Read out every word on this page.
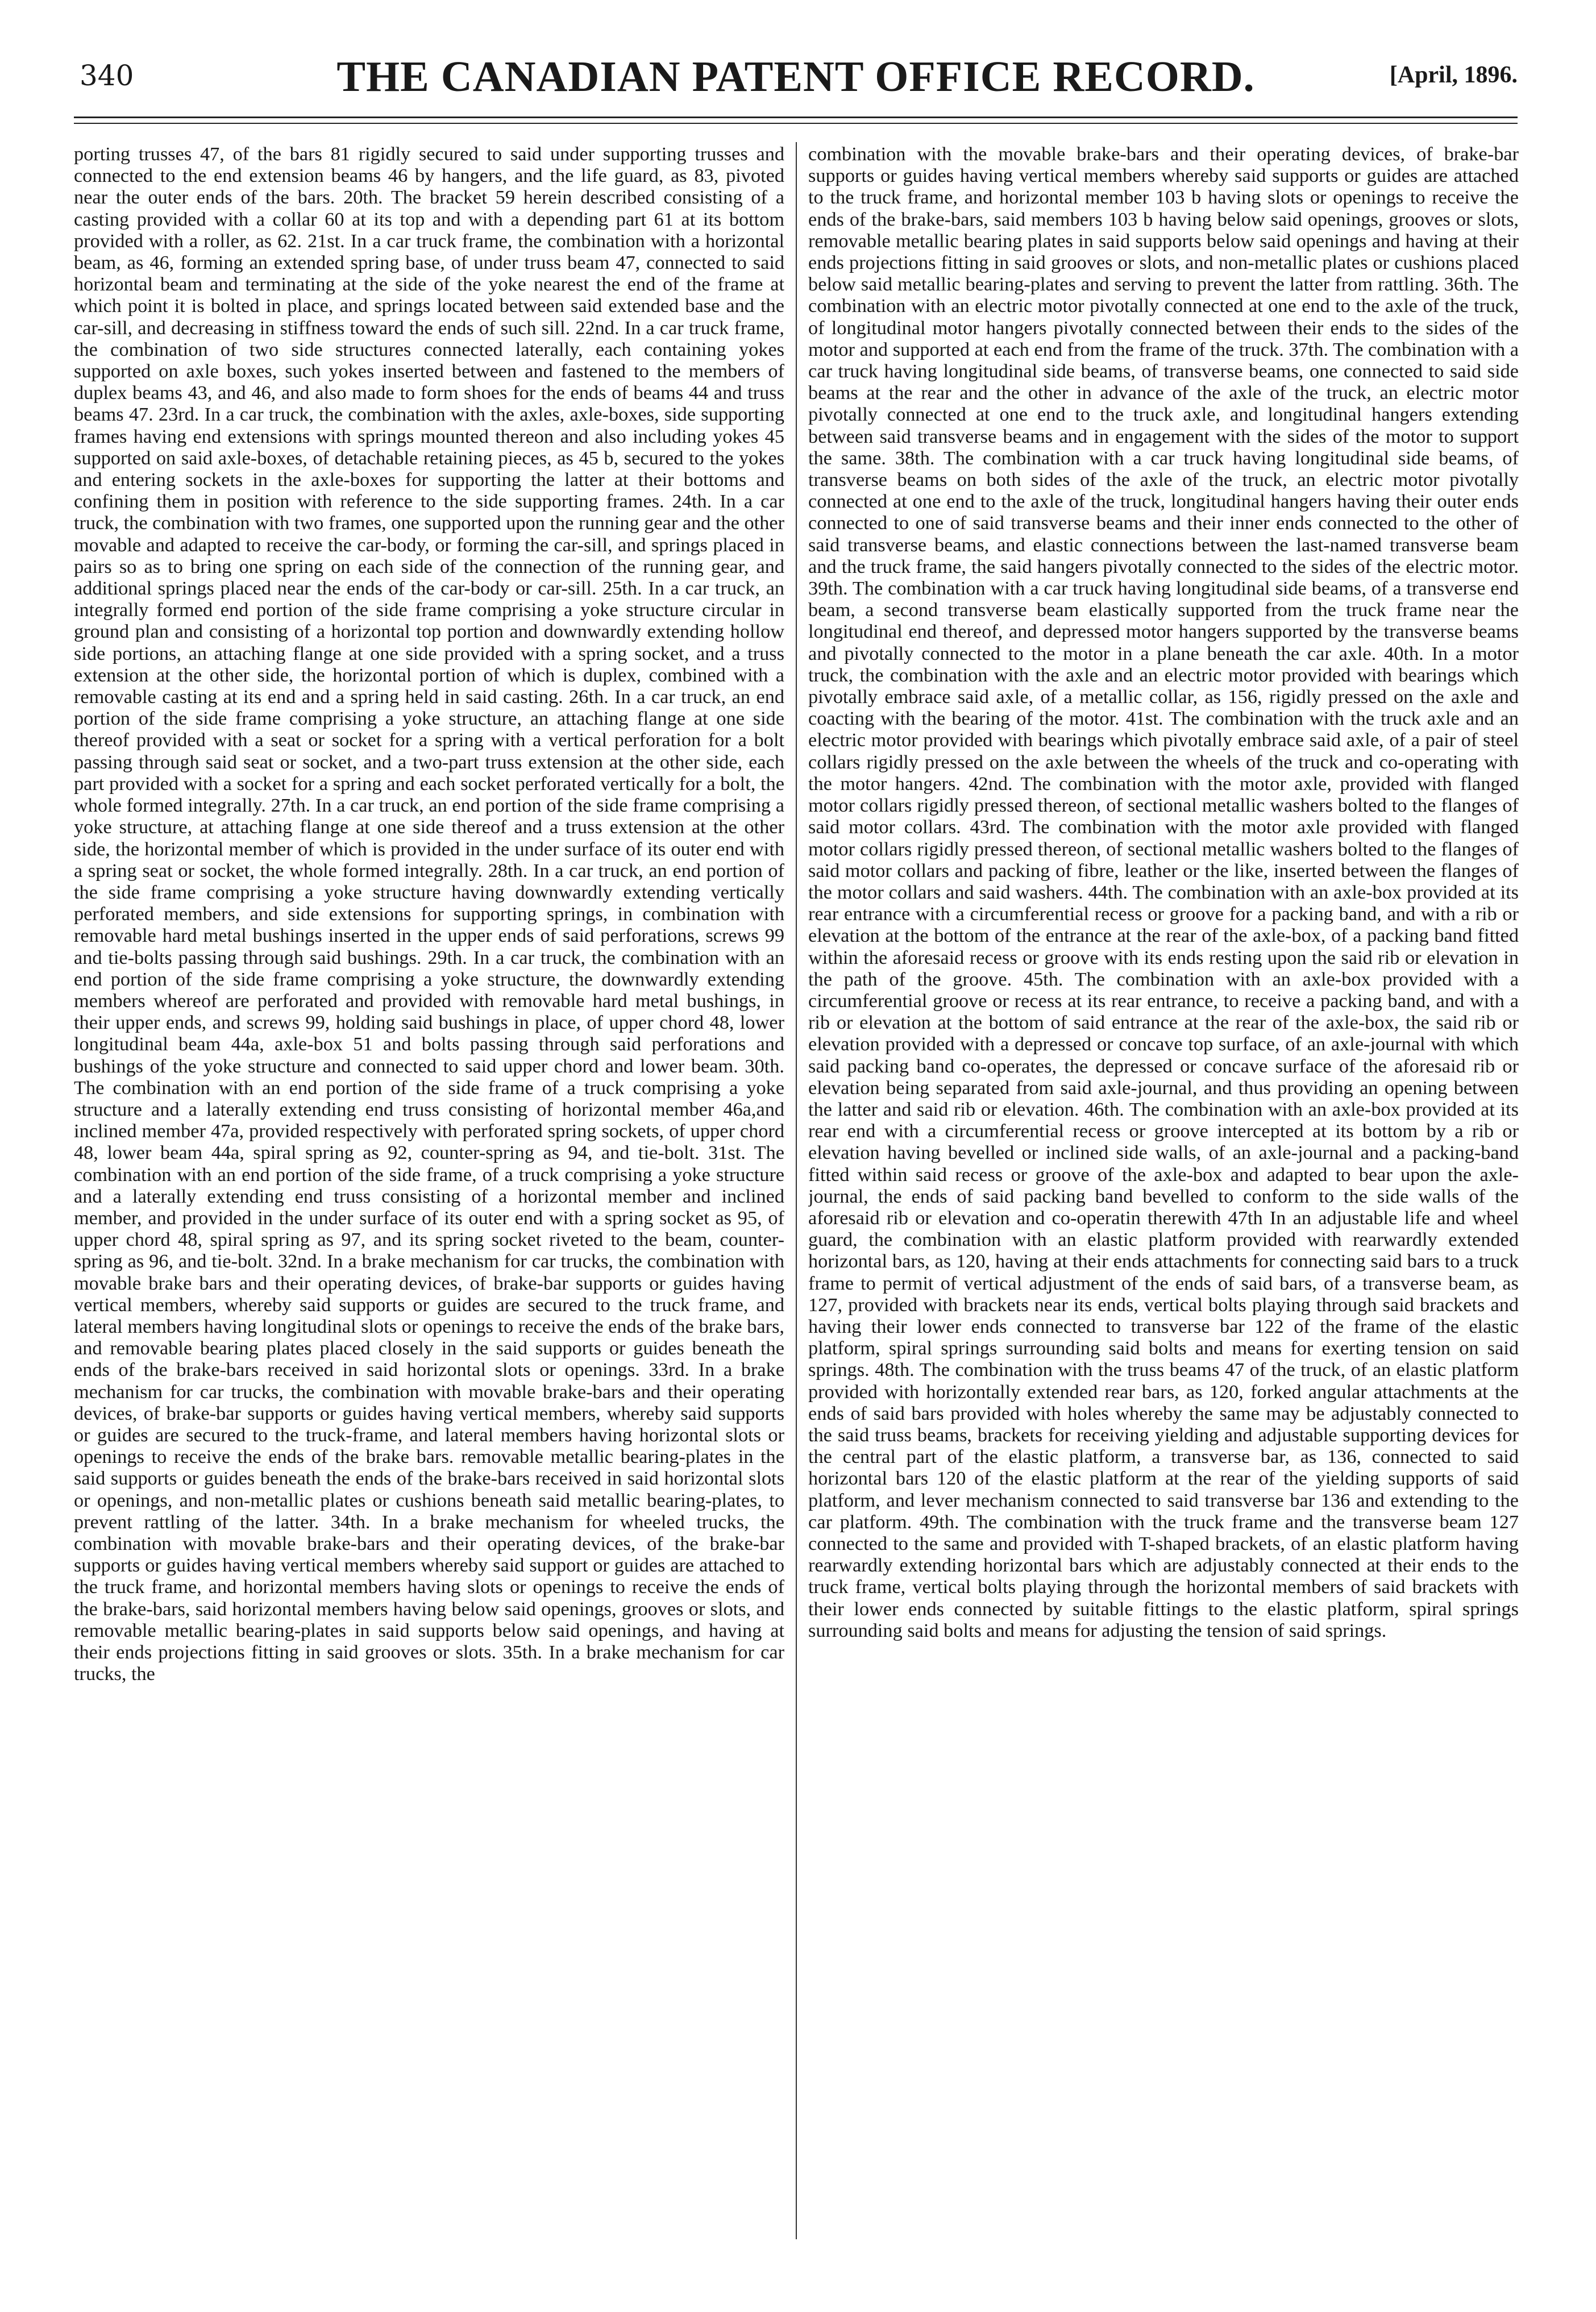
340	THE CANADIAN PATENT OFFICE RECORD.	[April, 1896.
porting trusses 47, of the bars 81 rigidly secured to said under supporting trusses and connected to the end extension beams 46 by hangers, and the life guard, as 83, pivoted near the outer ends of the bars. 20th. The bracket 59 herein described consisting of a casting provided with a collar 60 at its top and with a depending part 61 at its bottom provided with a roller, as 62. 21st. In a car truck frame, the combination with a horizontal beam, as 46, forming an extended spring base, of under truss beam 47, connected to said horizontal beam and terminating at the side of the yoke nearest the end of the frame at which point it is bolted in place, and springs located between said extended base and the car-sill, and decreasing in stiffness toward the ends of such sill. 22nd. In a car truck frame, the combination of two side structures connected laterally, each containing yokes supported on axle boxes, such yokes inserted between and fastened to the members of duplex beams 43, and 46, and also made to form shoes for the ends of beams 44 and truss beams 47. 23rd. In a car truck, the combination with the axles, axle-boxes, side supporting frames having end extensions with springs mounted thereon and also including yokes 45 supported on said axle-boxes, of detachable retaining pieces, as 45 b, secured to the yokes and entering sockets in the axle-boxes for supporting the latter at their bottoms and confining them in position with reference to the side supporting frames. 24th. In a car truck, the combination with two frames, one supported upon the running gear and the other movable and adapted to receive the car-body, or forming the car-sill, and springs placed in pairs so as to bring one spring on each side of the connection of the running gear, and additional springs placed near the ends of the car-body or car-sill. 25th. In a car truck, an integrally formed end portion of the side frame comprising a yoke structure circular in ground plan and consisting of a horizontal top portion and downwardly extending hollow side portions, an attaching flange at one side provided with a spring socket, and a truss extension at the other side, the horizontal portion of which is duplex, combined with a removable casting at its end and a spring held in said casting. 26th. In a car truck, an end portion of the side frame comprising a yoke structure, an attaching flange at one side thereof provided with a seat or socket for a spring with a vertical perforation for a bolt passing through said seat or socket, and a two-part truss extension at the other side, each part provided with a socket for a spring and each socket perforated vertically for a bolt, the whole formed integrally. 27th. In a car truck, an end portion of the side frame comprising a yoke structure, at attaching flange at one side thereof and a truss extension at the other side, the horizontal member of which is provided in the under surface of its outer end with a spring seat or socket, the whole formed integrally. 28th. In a car truck, an end portion of the side frame comprising a yoke structure having downwardly extending vertically perforated members, and side extensions for supporting springs, in combination with removable hard metal bushings inserted in the upper ends of said perforations, screws 99 and tie-bolts passing through said bushings. 29th. In a car truck, the combination with an end portion of the side frame comprising a yoke structure, the downwardly extending members whereof are perforated and provided with removable hard metal bushings, in their upper ends, and screws 99, holding said bushings in place, of upper chord 48, lower longitudinal beam 44a, axle-box 51 and bolts passing through said perforations and bushings of the yoke structure and connected to said upper chord and lower beam. 30th. The combination with an end portion of the side frame of a truck comprising a yoke structure and a laterally extending end truss consisting of horizontal member 46a,and inclined member 47a, provided respectively with perforated spring sockets, of upper chord 48, lower beam 44a, spiral spring as 92, counter-spring as 94, and tie-bolt. 31st. The combination with an end portion of the side frame, of a truck comprising a yoke structure and a laterally extending end truss consisting of a horizontal member and inclined member, and provided in the under surface of its outer end with a spring socket as 95, of upper chord 48, spiral spring as 97, and its spring socket riveted to the beam, counter-spring as 96, and tie-bolt. 32nd. In a brake mechanism for car trucks, the combination with movable brake bars and their operating devices, of brake-bar supports or guides having vertical members, whereby said supports or guides are secured to the truck frame, and lateral members having longitudinal slots or openings to receive the ends of the brake bars, and removable bearing plates placed closely in the said supports or guides beneath the ends of the brake-bars received in said horizontal slots or openings. 33rd. In a brake mechanism for car trucks, the combination with movable brake-bars and their operating devices, of brake-bar supports or guides having vertical members, whereby said supports or guides are secured to the truck-frame, and lateral members having horizontal slots or openings to receive the ends of the brake bars. removable metallic bearing-plates in the said supports or guides beneath the ends of the brake-bars received in said horizontal slots or openings, and non-metallic plates or cushions beneath said metallic bearing-plates, to prevent rattling of the latter. 34th. In a brake mechanism for wheeled trucks, the combination with movable brake-bars and their operating devices, of the brake-bar supports or guides having vertical members whereby said support or guides are attached to the truck frame, and horizontal members having slots or openings to receive the ends of the brake-bars, said horizontal members having below said openings, grooves or slots, and removable metallic bearing-plates in said supports below said openings, and having at their ends projections fitting in said grooves or slots. 35th. In a brake mechanism for car trucks, the
combination with the movable brake-bars and their operating devices, of brake-bar supports or guides having vertical members whereby said supports or guides are attached to the truck frame, and horizontal member 103 b having slots or openings to receive the ends of the brake-bars, said members 103 b having below said openings, grooves or slots, removable metallic bearing plates in said supports below said openings and having at their ends projections fitting in said grooves or slots, and non-metallic plates or cushions placed below said metallic bearing-plates and serving to prevent the latter from rattling. 36th. The combination with an electric motor pivotally connected at one end to the axle of the truck, of longitudinal motor hangers pivotally connected between their ends to the sides of the motor and supported at each end from the frame of the truck. 37th. The combination with a car truck having longitudinal side beams, of transverse beams, one connected to said side beams at the rear and the other in advance of the axle of the truck, an electric motor pivotally connected at one end to the truck axle, and longitudinal hangers extending between said transverse beams and in engagement with the sides of the motor to support the same. 38th. The combination with a car truck having longitudinal side beams, of transverse beams on both sides of the axle of the truck, an electric motor pivotally connected at one end to the axle of the truck, longitudinal hangers having their outer ends connected to one of said transverse beams and their inner ends connected to the other of said transverse beams, and elastic connections between the last-named transverse beam and the truck frame, the said hangers pivotally connected to the sides of the electric motor. 39th. The combination with a car truck having longitudinal side beams, of a transverse end beam, a second transverse beam elastically supported from the truck frame near the longitudinal end thereof, and depressed motor hangers supported by the transverse beams and pivotally connected to the motor in a plane beneath the car axle. 40th. In a motor truck, the combination with the axle and an electric motor provided with bearings which pivotally embrace said axle, of a metallic collar, as 156, rigidly pressed on the axle and coacting with the bearing of the motor. 41st. The combination with the truck axle and an electric motor provided with bearings which pivotally embrace said axle, of a pair of steel collars rigidly pressed on the axle between the wheels of the truck and co-operating with the motor hangers. 42nd. The combination with the motor axle, provided with flanged motor collars rigidly pressed thereon, of sectional metallic washers bolted to the flanges of said motor collars. 43rd. The combination with the motor axle provided with flanged motor collars rigidly pressed thereon, of sectional metallic washers bolted to the flanges of said motor collars and packing of fibre, leather or the like, inserted between the flanges of the motor collars and said washers. 44th. The combination with an axle-box provided at its rear entrance with a circumferential recess or groove for a packing band, and with a rib or elevation at the bottom of the entrance at the rear of the axle-box, of a packing band fitted within the aforesaid recess or groove with its ends resting upon the said rib or elevation in the path of the groove. 45th. The combination with an axle-box provided with a circumferential groove or recess at its rear entrance, to receive a packing band, and with a rib or elevation at the bottom of said entrance at the rear of the axle-box, the said rib or elevation provided with a depressed or concave top surface, of an axle-journal with which said packing band co-operates, the depressed or concave surface of the aforesaid rib or elevation being separated from said axle-journal, and thus providing an opening between the latter and said rib or elevation. 46th. The combination with an axle-box provided at its rear end with a circumferential recess or groove intercepted at its bottom by a rib or elevation having bevelled or inclined side walls, of an axle-journal and a packing-band fitted within said recess or groove of the axle-box and adapted to bear upon the axle-journal, the ends of said packing band bevelled to conform to the side walls of the aforesaid rib or elevation and co-operatin therewith 47th In an adjustable life and wheel guard, the combination with an elastic platform provided with rearwardly extended horizontal bars, as 120, having at their ends attachments for connecting said bars to a truck frame to permit of vertical adjustment of the ends of said bars, of a transverse beam, as 127, provided with brackets near its ends, vertical bolts playing through said brackets and having their lower ends connected to transverse bar 122 of the frame of the elastic platform, spiral springs surrounding said bolts and means for exerting tension on said springs. 48th. The combination with the truss beams 47 of the truck, of an elastic platform provided with horizontally extended rear bars, as 120, forked angular attachments at the ends of said bars provided with holes whereby the same may be adjustably connected to the said truss beams, brackets for receiving yielding and adjustable supporting devices for the central part of the elastic platform, a transverse bar, as 136, connected to said horizontal bars 120 of the elastic platform at the rear of the yielding supports of said platform, and lever mechanism connected to said transverse bar 136 and extending to the car platform. 49th. The combination with the truck frame and the transverse beam 127 connected to the same and provided with T-shaped brackets, of an elastic platform having rearwardly extending horizontal bars which are adjustably connected at their ends to the truck frame, vertical bolts playing through the horizontal members of said brackets with their lower ends connected by suitable fittings to the elastic platform, spiral springs surrounding said bolts and means for adjusting the tension of said springs.
